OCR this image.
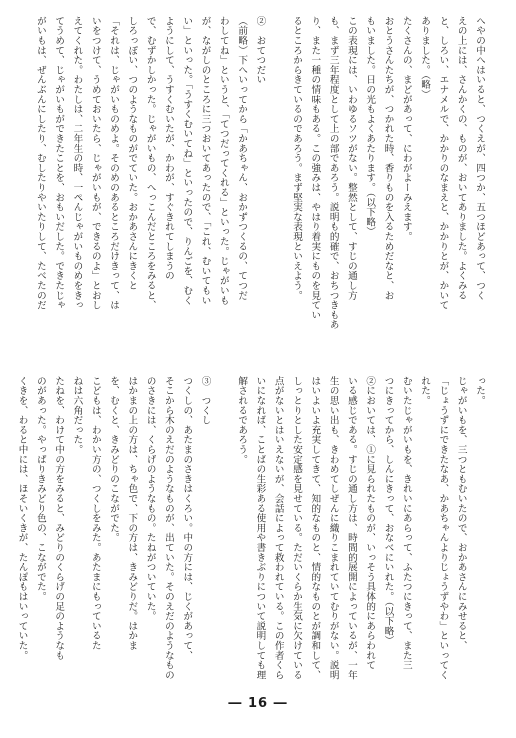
へやの中へはいると、つくえが、四つか、五つほどあって、つく
えの上には、さんかくの、ものが、おいてありました。よくみる
と、しろい、エナメルで、かかりのなまえと、かかりとが、かいて
ありました。（略）
たくさんの、まどがあって、にわがよーみえます。
おとうさんたちが、つかれた時、香りものを入るためだなと、お
もいました。日の光もよくあたります。（以下略）
この表現には、いわゆるソツがない。整然として、すじの通し方
も、まず三年程度として上の部であろう。説明も的確で、おちつきもあ
り、また一種の情味もある。この強みは、やはり着実にものを見てい
るところからきているのであろう。まず堅実な表現といえよう。

②　おてつだい
（前略）下へいってから「かあちゃん、おかずつくるの、てつだ
わしてね」というと、「てつだってくれる」といった。じゃがいも
が、ながしのところに三つおいてあったので、「これ、むいてもい
い」といった。「うすくむいてね」といったので、りんごを、むく
ようにして、うすくむいたが、かわが、すぐきれてしまうの
で、むずかしかった。じゃがいもの、へっこんだところをみると、
しろっぽい、つのようなものがでていた。おかあさんにきくと
「それは、じゃがいものめよ。そのめのあるところだけきって、は
いをつけて、うめておいたら、じゃがいもが、できるのよ」とおし
えてくれた。わたしは、二年生の時、一ぺんじゃがいものめをきっ
てうめて、じゃがいもができたことを、おもいだした。できたじゃ
がいもは、ぜんぶんにしたり、むしたりやいたりして、たべたのだ
った。
じゃがいもを、三つともむいたので、おかあさんにみせると、
「じょうずにできたなあ、かあちゃんよりじょうずやわ」といってく
れた。
むいたじゃがいもを、きれいにあらって、ふたつにきって、また三
つにきってから、しんにきって、おなべにいれた。（以下略）
②においては、①に見られたものが、いっそう具体的にあらわれて
いる感じである。すじの通し方は、時間的展開によっているが、一年
生の思い出も、きわめてしぜんに織りこまれていてむりがない。説明
はいよいよ充実してきて、知的なものと、情的なものとが調和して、
しっとりとした安定感を見せている。ただいくらか生気に欠けている
点がないとはいえないが、会話によって救われている。この作者くら
いになれば、ことばの生彩ある使用や書きぶりについて説明しても理
解されるであろう。

③　つくし
つくしの、あたまのさきはくろい。中の方には、じくがあって、
そこから木のえだのようなものが、出ていた。そのえだのようなもの
のさきには、くらげのようなもの。たねがついていた。
はかまの上の方は、ちゃ色で、下の方は、きみどりだ。はかま
を、むくと、きみどりのこながでた。
こどもは、わかい方の、つくしをみた。あたまにもっているた
ねは六角だった。
たねを、わけて中の方をみると、みどりのくらげの足のようなも
のがあった。やっぱりきみどり色の、こながでた。
くきを、わると中には、ほそいくきが、たんぽもはいっていた。
― 16 ―
